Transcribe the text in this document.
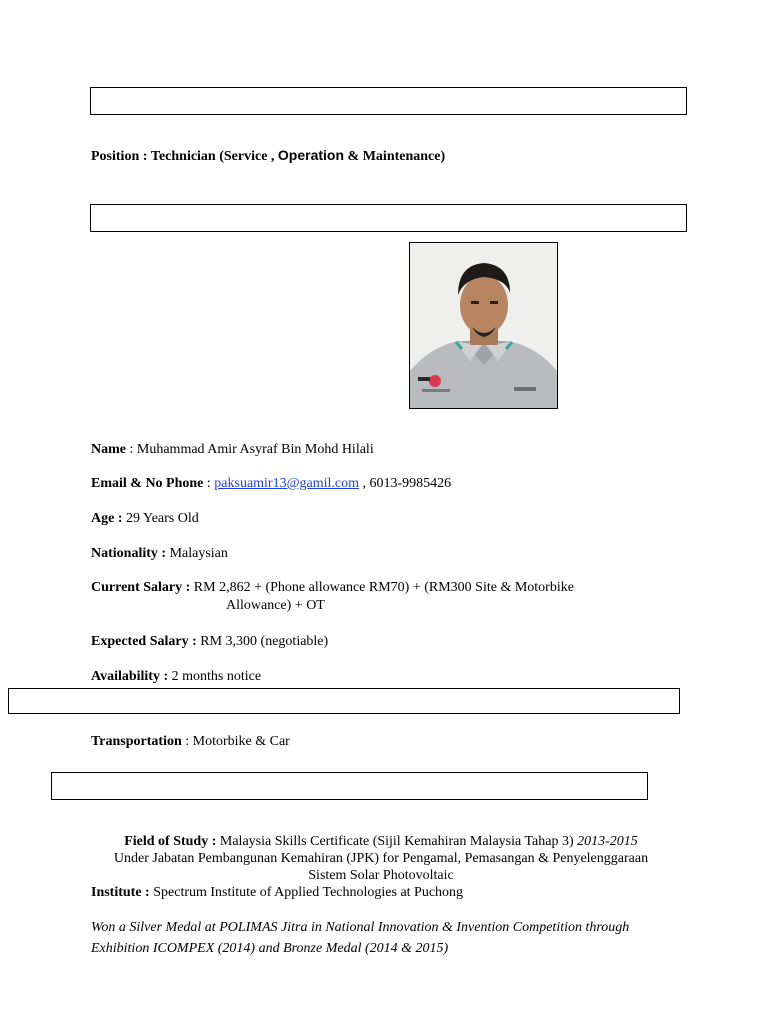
Position : Technician (Service , Operation & Maintenance)
Name : Muhammad Amir Asyraf Bin Mohd Hilali
Email & No Phone : paksuamir13@gamil.com , 6013-9985426
Age : 29 Years Old
Nationality : Malaysian
Current Salary : RM 2,862 + (Phone allowance RM70) + (RM300 Site & Motorbike
Allowance) + OT
Expected Salary : RM 3,300 (negotiable)
Availability : 2 months notice
Transportation : Motorbike & Car
Field of Study : Malaysia Skills Certificate (Sijil Kemahiran Malaysia Tahap 3) 2013-2015
Under Jabatan Pembangunan Kemahiran (JPK) for Pengamal, Pemasangan & Penyelenggaraan
Sistem Solar Photovoltaic
Institute : Spectrum Institute of Applied Technologies at Puchong
Won a Silver Medal at POLIMAS Jitra in National Innovation & Invention Competition through
Exhibition ICOMPEX (2014) and Bronze Medal (2014 & 2015)
